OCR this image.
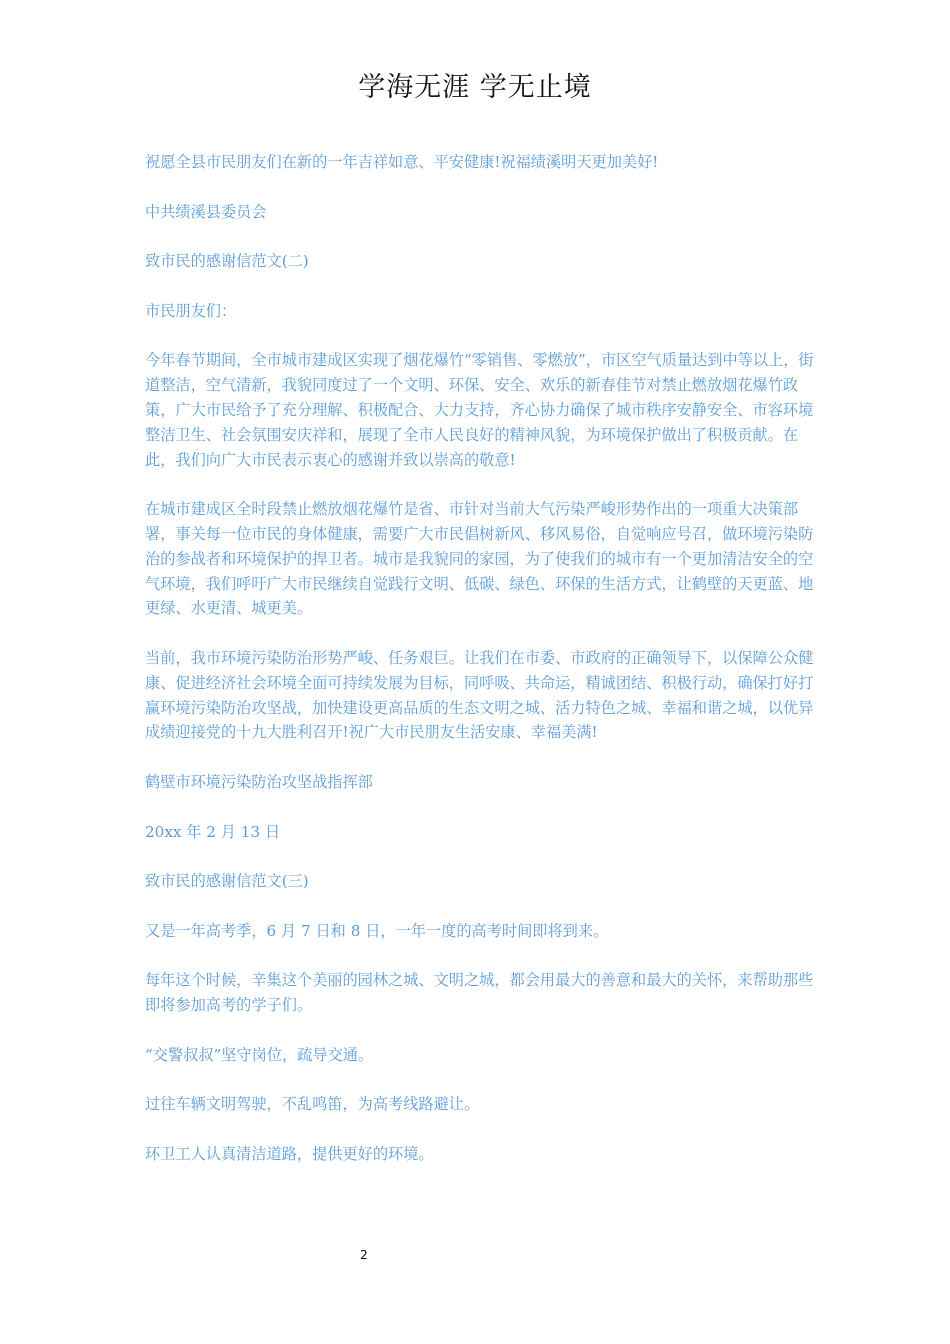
学海无涯 学无止境

祝愿全县市民朋友们在新的一年吉祥如意、平安健康!祝福绩溪明天更加美好!

中共绩溪县委员会

致市民的感谢信范文(二)

市民朋友们：

今年春节期间，全市城市建成区实现了烟花爆竹“零销售、零燃放”，市区空气质量达到中等以上，街道整洁，空气清新，我貌同度过了一个文明、环保、安全、欢乐的新春佳节对禁止燃放烟花爆竹政策，广大市民给予了充分理解、积极配合、大力支持，齐心协力确保了城市秩序安静安全、市容环境整洁卫生、社会氛围安庆祥和，展现了全市人民良好的精神风貌，为环境保护做出了积极贡献。在此，我们向广大市民表示衷心的感谢并致以崇高的敬意!

在城市建成区全时段禁止燃放烟花爆竹是省、市针对当前大气污染严峻形势作出的一项重大决策部署，事关每一位市民的身体健康，需要广大市民倡树新风、移风易俗，自觉响应号召，做环境污染防治的参战者和环境保护的捍卫者。城市是我貌同的家园，为了使我们的城市有一个更加清洁安全的空气环境，我们呼吁广大市民继续自觉践行文明、低碳、绿色、环保的生活方式，让鹤壁的天更蓝、地更绿、水更清、城更美。

当前，我市环境污染防治形势严峻、任务艰巨。让我们在市委、市政府的正确领导下，以保障公众健康、促进经济社会环境全面可持续发展为目标，同呼吸、共命运，精诚团结、积极行动，确保打好打赢环境污染防治攻坚战，加快建设更高品质的生态文明之城、活力特色之城、幸福和谐之城，以优异成绩迎接党的十九大胜利召开!祝广大市民朋友生活安康、幸福美满!

鹤壁市环境污染防治攻坚战指挥部

20xx 年 2 月 13 日

致市民的感谢信范文(三)

又是一年高考季，6 月 7 日和 8 日，一年一度的高考时间即将到来。

每年这个时候，辛集这个美丽的园林之城、文明之城，都会用最大的善意和最大的关怀，来帮助那些即将参加高考的学子们。

“交警叔叔”坚守岗位，疏导交通。

过往车辆文明驾驶，不乱鸣笛，为高考线路避让。

环卫工人认真清洁道路，提供更好的环境。

2
